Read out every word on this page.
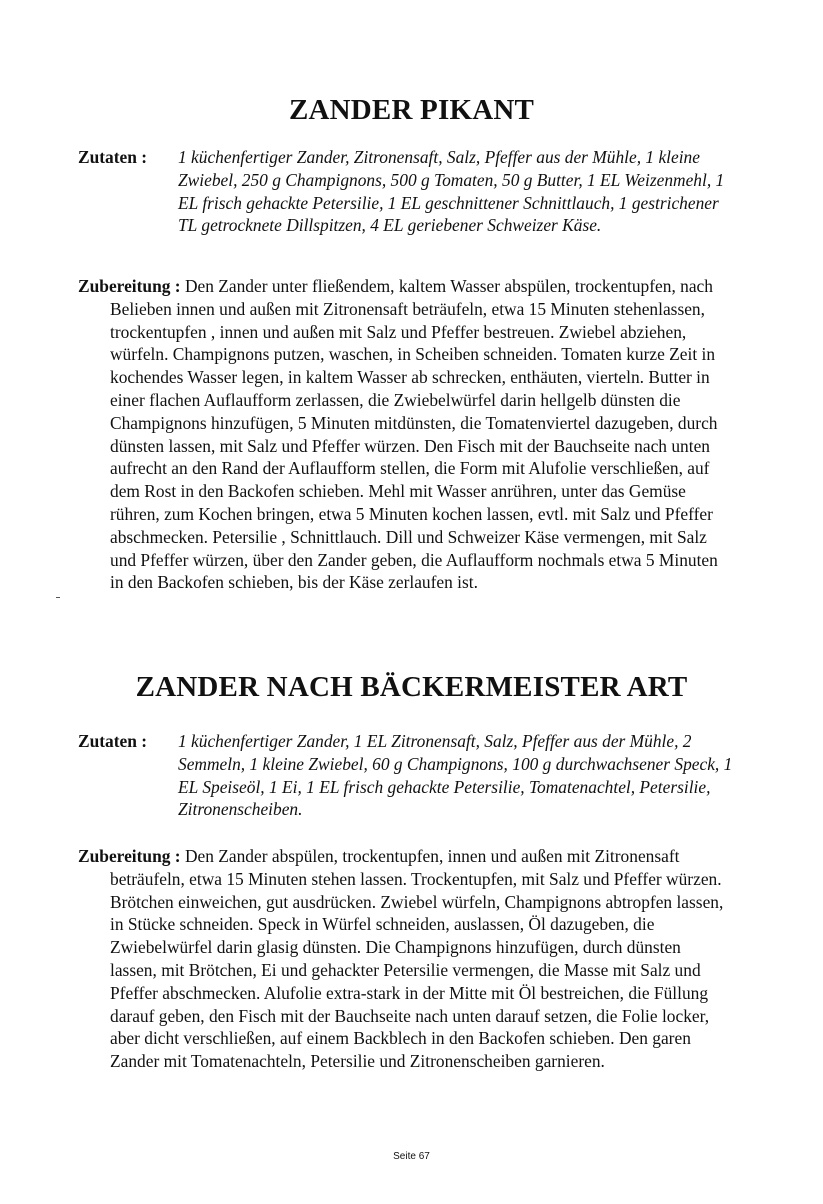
ZANDER PIKANT
Zutaten : 1 küchenfertiger Zander, Zitronensaft, Salz, Pfeffer aus der Mühle, 1 kleine Zwiebel, 250 g Champignons, 500 g Tomaten, 50 g Butter, 1 EL Weizenmehl, 1 EL frisch gehackte Petersilie, 1 EL geschnittener Schnittlauch, 1 gestrichener TL getrocknete Dillspitzen, 4 EL geriebener Schweizer Käse.

Zubereitung : Den Zander unter fließendem, kaltem Wasser abspülen, trockentupfen, nach Belieben innen und außen mit Zitronensaft beträufeln, etwa 15 Minuten stehenlassen, trockentupfen , innen und außen mit Salz und Pfeffer bestreuen. Zwiebel abziehen, würfeln. Champignons putzen, waschen, in Scheiben schneiden. Tomaten kurze Zeit in kochendes Wasser legen, in kaltem Wasser ab schrecken, enthäuten, vierteln. Butter in einer flachen Auflaufform zerlassen, die Zwiebelwürfel darin hellgelb dünsten die Champignons hinzufügen, 5 Minuten mitdünsten, die Tomatenviertel dazugeben, durch dünsten lassen, mit Salz und Pfeffer würzen. Den Fisch mit der Bauchseite nach unten aufrecht an den Rand der Auflaufform stellen, die Form mit Alufolie verschließen, auf dem Rost in den Backofen schieben. Mehl mit Wasser anrühren, unter das Gemüse rühren, zum Kochen bringen, etwa 5 Minuten kochen lassen, evtl. mit Salz und Pfeffer abschmecken. Petersilie , Schnittlauch. Dill und Schweizer Käse vermengen, mit Salz und Pfeffer würzen, über den Zander geben, die Auflaufform nochmals etwa 5 Minuten in den Backofen schieben, bis der Käse zerlaufen ist.

ZANDER NACH BÄCKERMEISTER ART
Zutaten : 1 küchenfertiger Zander, 1 EL Zitronensaft, Salz, Pfeffer aus der Mühle, 2 Semmeln, 1 kleine Zwiebel, 60 g Champignons, 100 g durchwachsener Speck, 1 EL Speiseöl, 1 Ei, 1 EL frisch gehackte Petersilie, Tomatenachtel, Petersilie, Zitronenscheiben.

Zubereitung : Den Zander abspülen, trockentupfen, innen und außen mit Zitronensaft beträufeln, etwa 15 Minuten stehen lassen. Trockentupfen, mit Salz und Pfeffer würzen. Brötchen einweichen, gut ausdrücken. Zwiebel würfeln, Champignons abtropfen lassen, in Stücke schneiden. Speck in Würfel schneiden, auslassen, Öl dazugeben, die Zwiebelwürfel darin glasig dünsten. Die Champignons hinzufügen, durch dünsten lassen, mit Brötchen, Ei und gehackter Petersilie vermengen, die Masse mit Salz und Pfeffer abschmecken. Alufolie extra-stark in der Mitte mit Öl bestreichen, die Füllung darauf geben, den Fisch mit der Bauchseite nach unten darauf setzen, die Folie locker, aber dicht verschließen, auf einem Backblech in den Backofen schieben. Den garen Zander mit Tomatenachteln, Petersilie und Zitronenscheiben garnieren.

Seite 67
